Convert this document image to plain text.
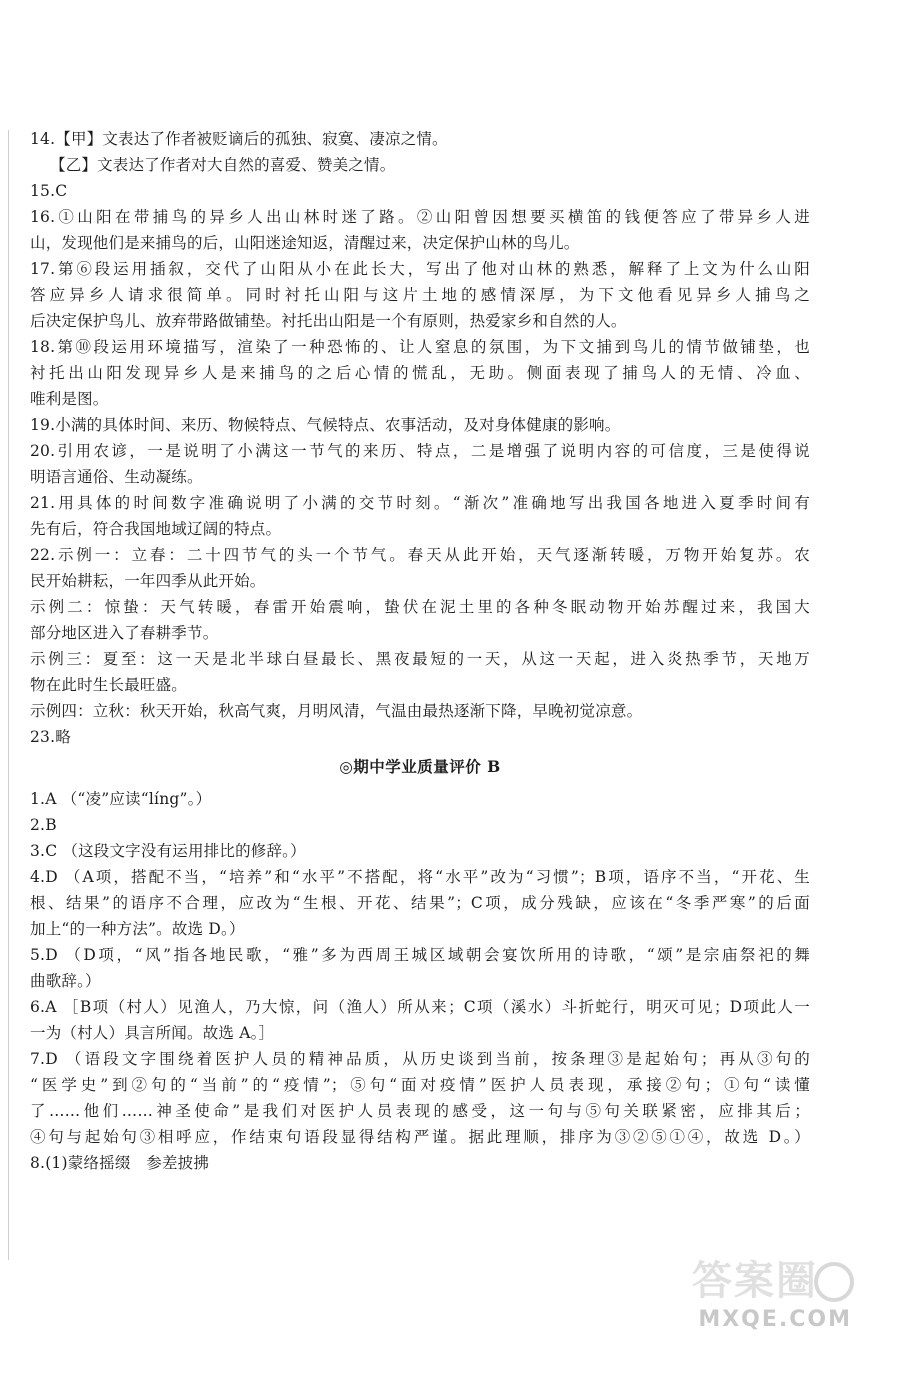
14.【甲】文表达了作者被贬谪后的孤独、寂寞、凄凉之情。
【乙】文表达了作者对大自然的喜爱、赞美之情。
15.C
16.①山阳在带捕鸟的异乡人出山林时迷了路。②山阳曾因想要买横笛的钱便答应了带异乡人进
山，发现他们是来捕鸟的后，山阳迷途知返，清醒过来，决定保护山林的鸟儿。
17.第⑥段运用插叙，交代了山阳从小在此长大，写出了他对山林的熟悉，解释了上文为什么山阳
答应异乡人请求很简单。同时衬托山阳与这片土地的感情深厚，为下文他看见异乡人捕鸟之
后决定保护鸟儿、放弃带路做铺垫。衬托出山阳是一个有原则，热爱家乡和自然的人。
18.第⑩段运用环境描写，渲染了一种恐怖的、让人窒息的氛围，为下文捕到鸟儿的情节做铺垫，也
衬托出山阳发现异乡人是来捕鸟的之后心情的慌乱，无助。侧面表现了捕鸟人的无情、冷血、
唯利是图。
19.小满的具体时间、来历、物候特点、气候特点、农事活动，及对身体健康的影响。
20.引用农谚，一是说明了小满这一节气的来历、特点，二是增强了说明内容的可信度，三是使得说
明语言通俗、生动凝练。
21.用具体的时间数字准确说明了小满的交节时刻。“渐次”准确地写出我国各地进入夏季时间有
先有后，符合我国地域辽阔的特点。
22.示例一：立春：二十四节气的头一个节气。春天从此开始，天气逐渐转暖，万物开始复苏。农
民开始耕耘，一年四季从此开始。
示例二：惊蛰：天气转暖，春雷开始震响，蛰伏在泥土里的各种冬眠动物开始苏醒过来，我国大
部分地区进入了春耕季节。
示例三：夏至：这一天是北半球白昼最长、黑夜最短的一天，从这一天起，进入炎热季节，天地万
物在此时生长最旺盛。
示例四：立秋：秋天开始，秋高气爽，月明风清，气温由最热逐渐下降，早晚初觉凉意。
23.略
◎期中学业质量评价 B
1.A （“凌”应读“líng”。）
2.B
3.C （这段文字没有运用排比的修辞。）
4.D （A项，搭配不当，“培养”和“水平”不搭配，将“水平”改为“习惯”；B项，语序不当，“开花、生
根、结果”的语序不合理，应改为“生根、开花、结果”；C项，成分残缺，应该在“冬季严寒”的后面
加上“的一种方法”。故选 D。）
5.D （D项，“风”指各地民歌，“雅”多为西周王城区域朝会宴饮所用的诗歌，“颂”是宗庙祭祀的舞
曲歌辞。）
6.A ［B项（村人）见渔人，乃大惊，问（渔人）所从来；C项（溪水）斗折蛇行，明灭可见；D项此人一
一为（村人）具言所闻。故选 A。］
7.D （语段文字围绕着医护人员的精神品质，从历史谈到当前，按条理③是起始句；再从③句的
“医学史”到②句的“当前”的“疫情”；⑤句“面对疫情”医护人员表现，承接②句；①句“读懂
了……他们……神圣使命”是我们对医护人员表现的感受，这一句与⑤句关联紧密，应排其后；
④句与起始句③相呼应，作结束句语段显得结构严谨。据此理顺，排序为③②⑤①④，故选 D。）
8.(1)蒙络摇缀　参差披拂
答案圈
MXQE.COM
